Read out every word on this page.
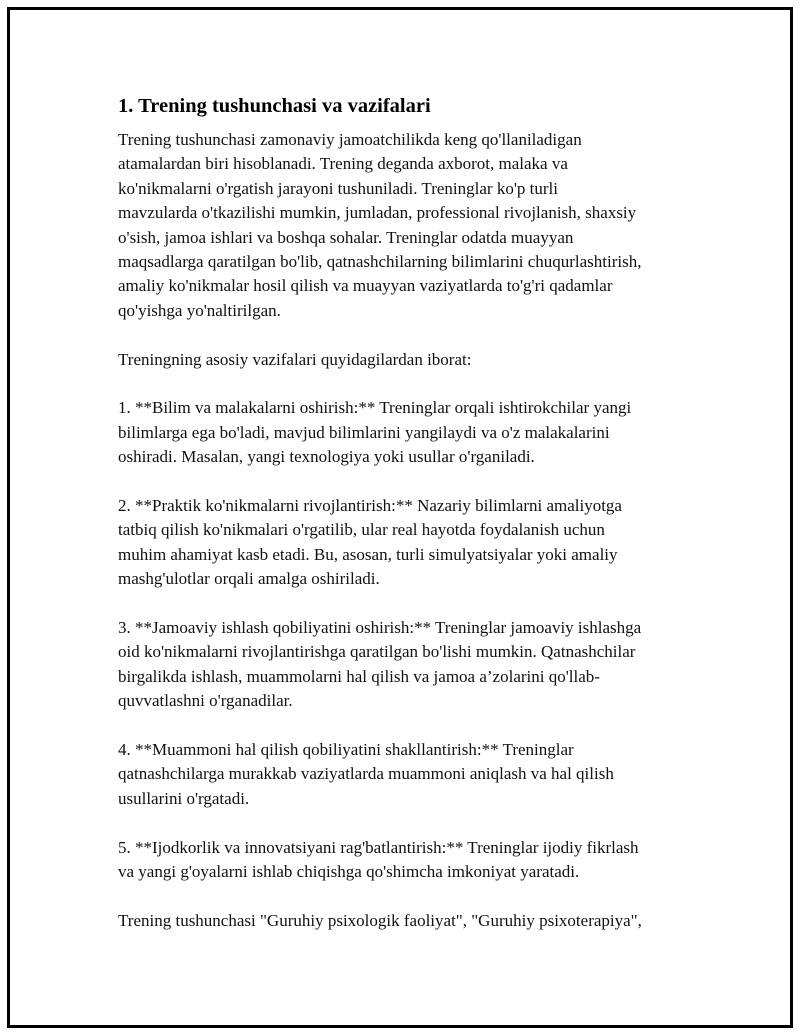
1. Trening tushunchasi va vazifalari

Trening tushunchasi zamonaviy jamoatchilikda keng qo'llaniladigan
atamalardan biri hisoblanadi. Trening deganda axborot, malaka va
ko'nikmalarni o'rgatish jarayoni tushuniladi. Treninglar ko'p turli
mavzularda o'tkazilishi mumkin, jumladan, professional rivojlanish, shaxsiy
o'sish, jamoa ishlari va boshqa sohalar. Treninglar odatda muayyan
maqsadlarga qaratilgan bo'lib, qatnashchilarning bilimlarini chuqurlashtirish,
amaliy ko'nikmalar hosil qilish va muayyan vaziyatlarda to'g'ri qadamlar
qo'yishga yo'naltirilgan.

Treningning asosiy vazifalari quyidagilardan iborat:

1. **Bilim va malakalarni oshirish:** Treninglar orqali ishtirokchilar yangi
bilimlarga ega bo'ladi, mavjud bilimlarini yangilaydi va o'z malakalarini
oshiradi. Masalan, yangi texnologiya yoki usullar o'rganiladi.

2. **Praktik ko'nikmalarni rivojlantirish:** Nazariy bilimlarni amaliyotga
tatbiq qilish ko'nikmalari o'rgatilib, ular real hayotda foydalanish uchun
muhim ahamiyat kasb etadi. Bu, asosan, turli simulyatsiyalar yoki amaliy
mashg'ulotlar orqali amalga oshiriladi.

3. **Jamoaviy ishlash qobiliyatini oshirish:** Treninglar jamoaviy ishlashga
oid ko'nikmalarni rivojlantirishga qaratilgan bo'lishi mumkin. Qatnashchilar
birgalikda ishlash, muammolarni hal qilish va jamoa a’zolarini qo'llab-
quvvatlashni o'rganadilar.

4. **Muammoni hal qilish qobiliyatini shakllantirish:** Treninglar
qatnashchilarga murakkab vaziyatlarda muammoni aniqlash va hal qilish
usullarini o'rgatadi.

5. **Ijodkorlik va innovatsiyani rag'batlantirish:** Treninglar ijodiy fikrlash
va yangi g'oyalarni ishlab chiqishga qo'shimcha imkoniyat yaratadi.

Trening tushunchasi "Guruhiy psixologik faoliyat", "Guruhiy psixoterapiya",
